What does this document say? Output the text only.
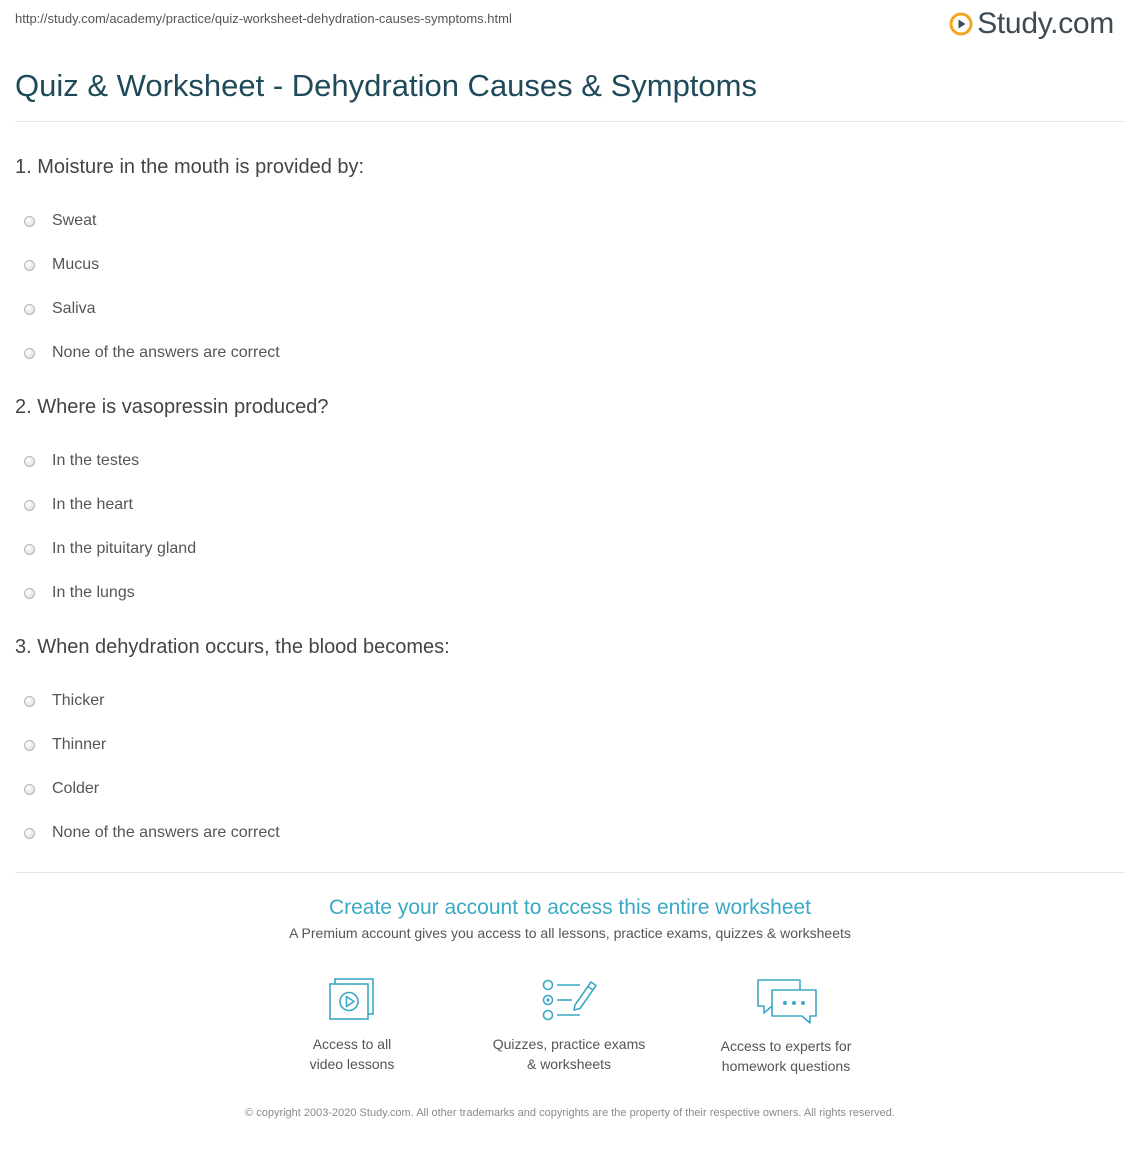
http://study.com/academy/practice/quiz-worksheet-dehydration-causes-symptoms.html	Study.com
Quiz & Worksheet - Dehydration Causes & Symptoms
1. Moisture in the mouth is provided by:
Sweat
Mucus
Saliva
None of the answers are correct
2. Where is vasopressin produced?
In the testes
In the heart
In the pituitary gland
In the lungs
3. When dehydration occurs, the blood becomes:
Thicker
Thinner
Colder
None of the answers are correct
Create your account to access this entire worksheet
A Premium account gives you access to all lessons, practice exams, quizzes & worksheets
Access to all
video lessons
Quizzes, practice exams
& worksheets
Access to experts for
homework questions
© copyright 2003-2020 Study.com. All other trademarks and copyrights are the property of their respective owners. All rights reserved.
